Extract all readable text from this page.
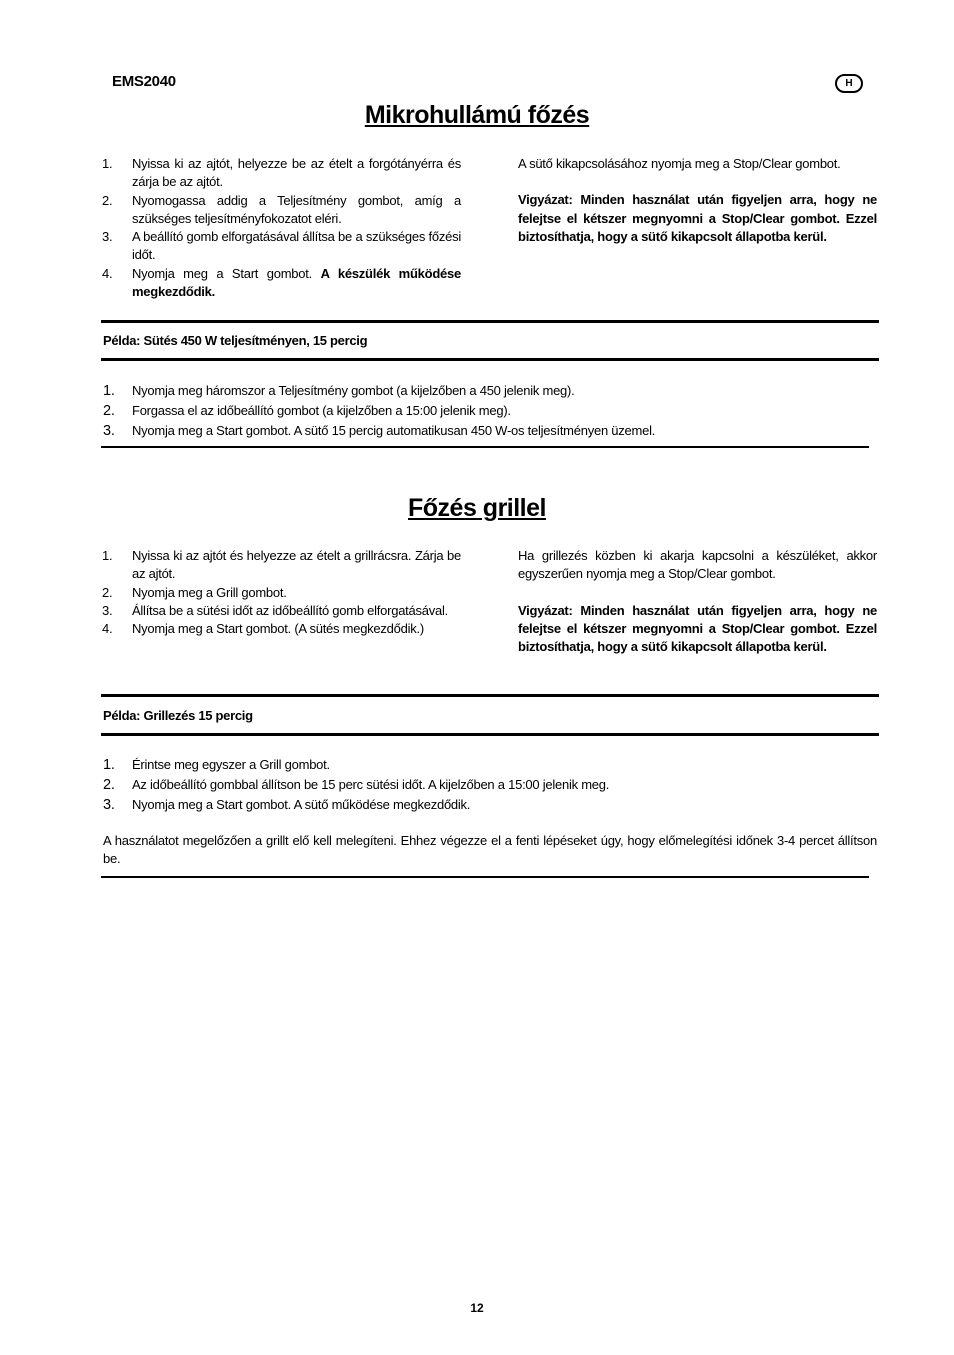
EMS2040	H
Mikrohullámú főzés
1. Nyissa ki az ajtót, helyezze be az ételt a forgótányérra és zárja be az ajtót.
2. Nyomogassa addig a Teljesítmény gombot, amíg a szükséges teljesítményfokozatot eléri.
3. A beállító gomb elforgatásával állítsa be a szükséges főzési időt.
4. Nyomja meg a Start gombot. A készülék működése megkezdődik.
A sütő kikapcsolásához nyomja meg a Stop/Clear gombot.
Vigyázat: Minden használat után figyeljen arra, hogy ne felejtse el kétszer megnyomni a Stop/Clear gombot. Ezzel biztosíthatja, hogy a sütő kikapcsolt állapotba kerül.
Példa: Sütés 450 W teljesítményen, 15 percig
1. Nyomja meg háromszor a Teljesítmény gombot (a kijelzőben a 450 jelenik meg).
2. Forgassa el az időbeállító gombot (a kijelzőben a 15:00 jelenik meg).
3. Nyomja meg a Start gombot. A sütő 15 percig automatikusan 450 W-os teljesítményen üzemel.
Főzés grillel
1. Nyissa ki az ajtót és helyezze az ételt a grillrácsra. Zárja be az ajtót.
2. Nyomja meg a Grill gombot.
3. Állítsa be a sütési időt az időbeállító gomb elforgatásával.
4. Nyomja meg a Start gombot. (A sütés megkezdődik.)
Ha grillezés közben ki akarja kapcsolni a készüléket, akkor egyszerűen nyomja meg a Stop/Clear gombot.
Vigyázat: Minden használat után figyeljen arra, hogy ne felejtse el kétszer megnyomni a Stop/Clear gombot. Ezzel biztosíthatja, hogy a sütő kikapcsolt állapotba kerül.
Példa: Grillezés 15 percig
1. Érintse meg egyszer a Grill gombot.
2. Az időbeállító gombbal állítson be 15 perc sütési időt. A kijelzőben a 15:00 jelenik meg.
3. Nyomja meg a Start gombot. A sütő működése megkezdődik.
A használatot megelőzően a grillt elő kell melegíteni. Ehhez végezze el a fenti lépéseket úgy, hogy előmelegítési időnek 3-4 percet állítson be.
12
